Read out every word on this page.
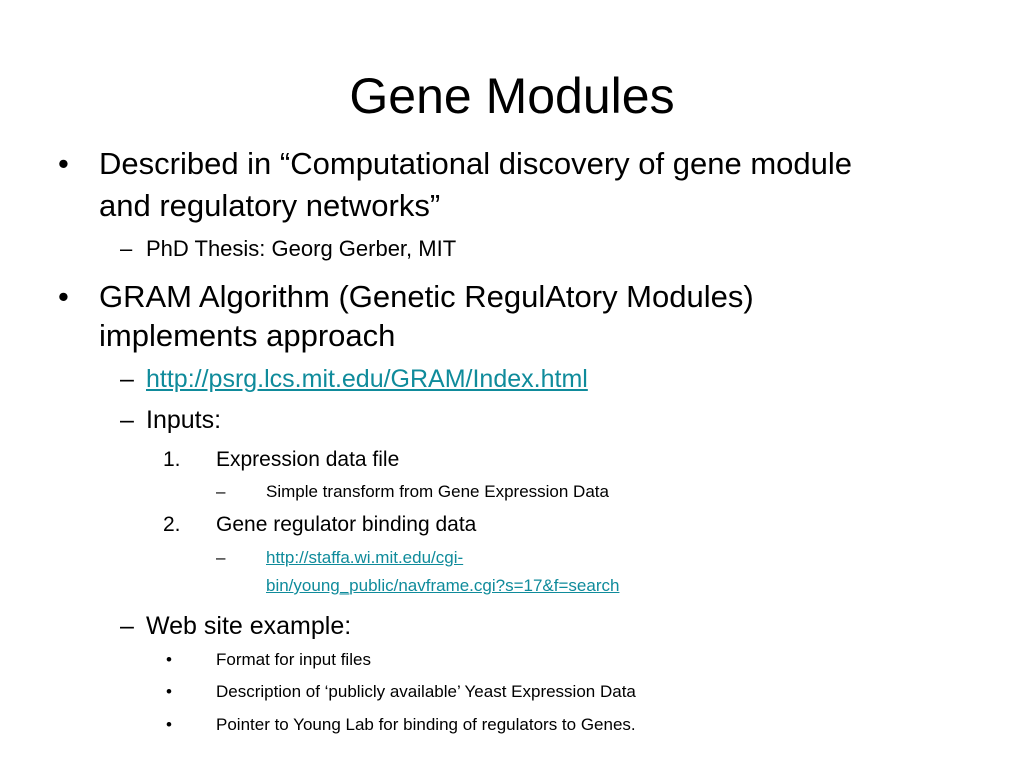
Gene Modules
• Described in “Computational discovery of gene module
and regulatory networks”
– PhD Thesis: Georg Gerber, MIT
• GRAM Algorithm (Genetic RegulAtory Modules)
implements approach
– http://psrg.lcs.mit.edu/GRAM/Index.html
– Inputs:
1. Expression data file
– Simple transform from Gene Expression Data
2. Gene regulator binding data
– http://staffa.wi.mit.edu/cgi-
bin/young_public/navframe.cgi?s=17&f=search
– Web site example:
•	Format for input files
•	Description of ‘publicly available’ Yeast Expression Data
•	Pointer to Young Lab for binding of regulators to Genes.
